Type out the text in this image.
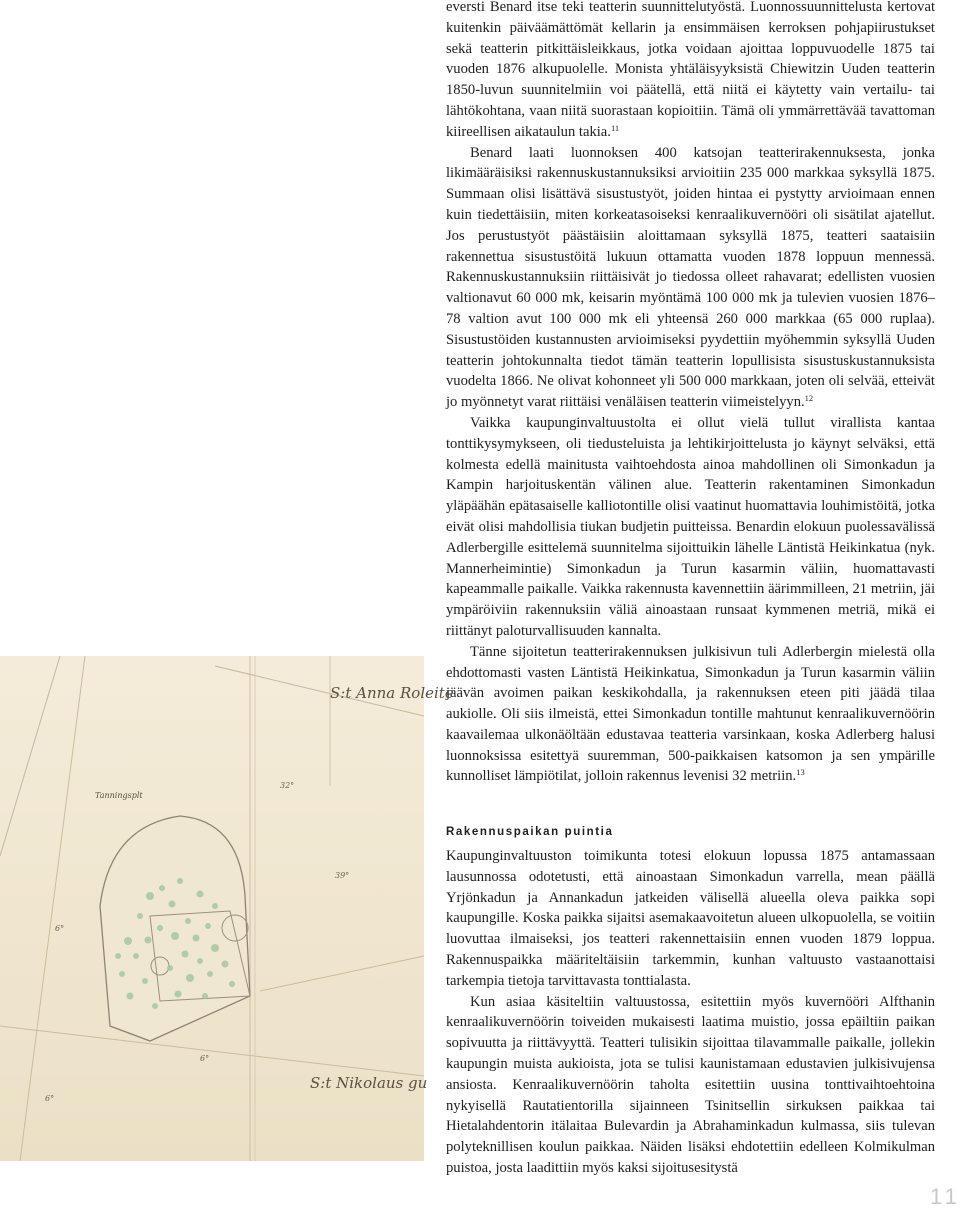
eversti Benard itse teki teatterin suunnittelutyöstä. Luonnossuunnittelusta kertovat kuitenkin päiväämättömät kellarin ja ensimmäisen kerroksen pohjapiirustukset sekä teatterin pitkittäisleikkaus, jotka voidaan ajoittaa loppuvuodelle 1875 tai vuoden 1876 alkupuolelle. Monista yhtäläisyyksistä Chiewitzin Uuden teatterin 1850-luvun suunnitelmiin voi päätellä, että niitä ei käytetty vain vertailu- tai lähtökohtana, vaan niitä suorastaan kopioitiin. Tämä oli ymmärrettävää tavattoman kiireellisen aikataulun takia.$^{11}$

Benard laati luonnoksen 400 katsojan teatterirakennuksesta, jonka likimääräisiksi rakennuskustannuksiksi arvioitiin 235 000 markkaa syksyllä 1875. Summaan olisi lisättävä sisustustyöt, joiden hintaa ei pystytty arvioimaan ennen kuin tiedettäisiin, miten korkeatasoiseksi kenraalikuvernööri oli sisätilat ajatellut. Jos perustustyöt päästäisiin aloittamaan syksyllä 1875, teatteri saataisiin rakennettua sisustustöitä lukuun ottamatta vuoden 1878 loppuun mennessä. Rakennuskustannuksiin riittäisivät jo tiedossa olleet rahavarat; edellisten vuosien valtionavut 60 000 mk, keisarin myöntämä 100 000 mk ja tulevien vuosien 1876–78 valtion avut 100 000 mk eli yhteensä 260 000 markkaa (65 000 ruplaa). Sisustustöiden kustannusten arvioimiseksi pyydettiin myöhemmin syksyllä Uuden teatterin johtokunnalta tiedot tämän teatterin lopullisista sisustuskustannuksista vuodelta 1866. Ne olivat kohonneet yli 500 000 markkaan, joten oli selvää, etteivät jo myönnetyt varat riittäisi venäläisen teatterin viimeistelyyn.$^{12}$

Vaikka kaupunginvaltuustolta ei ollut vielä tullut virallista kantaa tonttikysymykseen, oli tiedusteluista ja lehtikirjoittelusta jo käynyt selväksi, että kolmesta edellä mainitusta vaihtoehdosta ainoa mahdollinen oli Simonkadun ja Kampin harjoituskentän välinen alue. Teatterin rakentaminen Simonkadun yläpäähän epätasaiselle kalliotontille olisi vaatinut huomattavia louhimistöitä, jotka eivät olisi mahdollisia tiukan budjetin puitteissa. Benardin elokuun puolessavälissä Adlerbergille esittelemä suunnitelma sijoittuikin lähelle Läntistä Heikinkatua (nyk. Mannerheimintie) Simonkadun ja Turun kasarmin väliin, huomattavasti kapeammalle paikalle. Vaikka rakennusta kavennettiin äärimmilleen, 21 metriin, jäi ympäröiviin rakennuksiin väliä ainoastaan runsaat kymmenen metriä, mikä ei riittänyt paloturvallisuuden kannalta.

Tänne sijoitetun teatterirakennuksen julkisivun tuli Adlerbergin mielestä olla ehdottomasti vasten Läntistä Heikinkatua, Simonkadun ja Turun kasarmin väliin jäävän avoimen paikan keskikohdalla, ja rakennuksen eteen piti jäädä tilaa aukiolle. Oli siis ilmeistä, ettei Simonkadun tontille mahtunut kenraalikuvernöörin kaavailemaa ulkonäöltään edustavaa teatteria varsinkaan, koska Adlerberg halusi luonnoksissa esitettyä suuremman, 500-paikkaisen katsomon ja sen ympärille kunnolliset lämpiötilat, jolloin rakennus levenisi 32 metriin.$^{13}$

Rakennuspaikan puintia

Kaupunginvaltuuston toimikunta totesi elokuun lopussa 1875 antamassaan lausunnossa odotetusti, että ainoastaan Simonkadun varrella, mean päällä Yrjönkadun ja Annankadun jatkeiden välisellä alueella oleva paikka sopi kaupungille. Koska paikka sijaitsi asemakaavoitetun alueen ulkopuolella, se voitiin luovuttaa ilmaiseksi, jos teatteri rakennettaisiin ennen vuoden 1879 loppua. Rakennuspaikka määriteltäisiin tarkemmin, kunhan valtuusto vastaanottaisi tarkempia tietoja tarvittavasta tonttialasta.

Kun asiaa käsiteltiin valtuustossa, esitettiin myös kuvernööri Alfthanin kenraalikuvernöörin toiveiden mukaisesti laatima muistio, jossa epäiltiin paikan sopivuutta ja riittävyyttä. Teatteri tulisikin sijoittaa tilavammalle paikalle, jollekin kaupungin muista aukioista, jota se tulisi kaunistamaan edustavien julkisivujensa ansiosta. Kenraalikuvernöörin taholta esitettiin uusina tonttivaihtoehtoina nykyisellä Rautatientorilla sijainneen Tsinitsellin sirkuksen paikkaa tai Hietalahdentorin itälaitaa Bulevardin ja Abrahaminkadun kulmassa, siis tulevan polyteknillisen koulun paikkaa. Näiden lisäksi ehdotettiin edelleen Kolmikulman puistoa, josta laadittiin myös kaksi sijoitusesitystä

S:t Anna Roleite
Tanningsplt
S:t Nikolaus gu
39°
32°
6°
6°
6°
11
